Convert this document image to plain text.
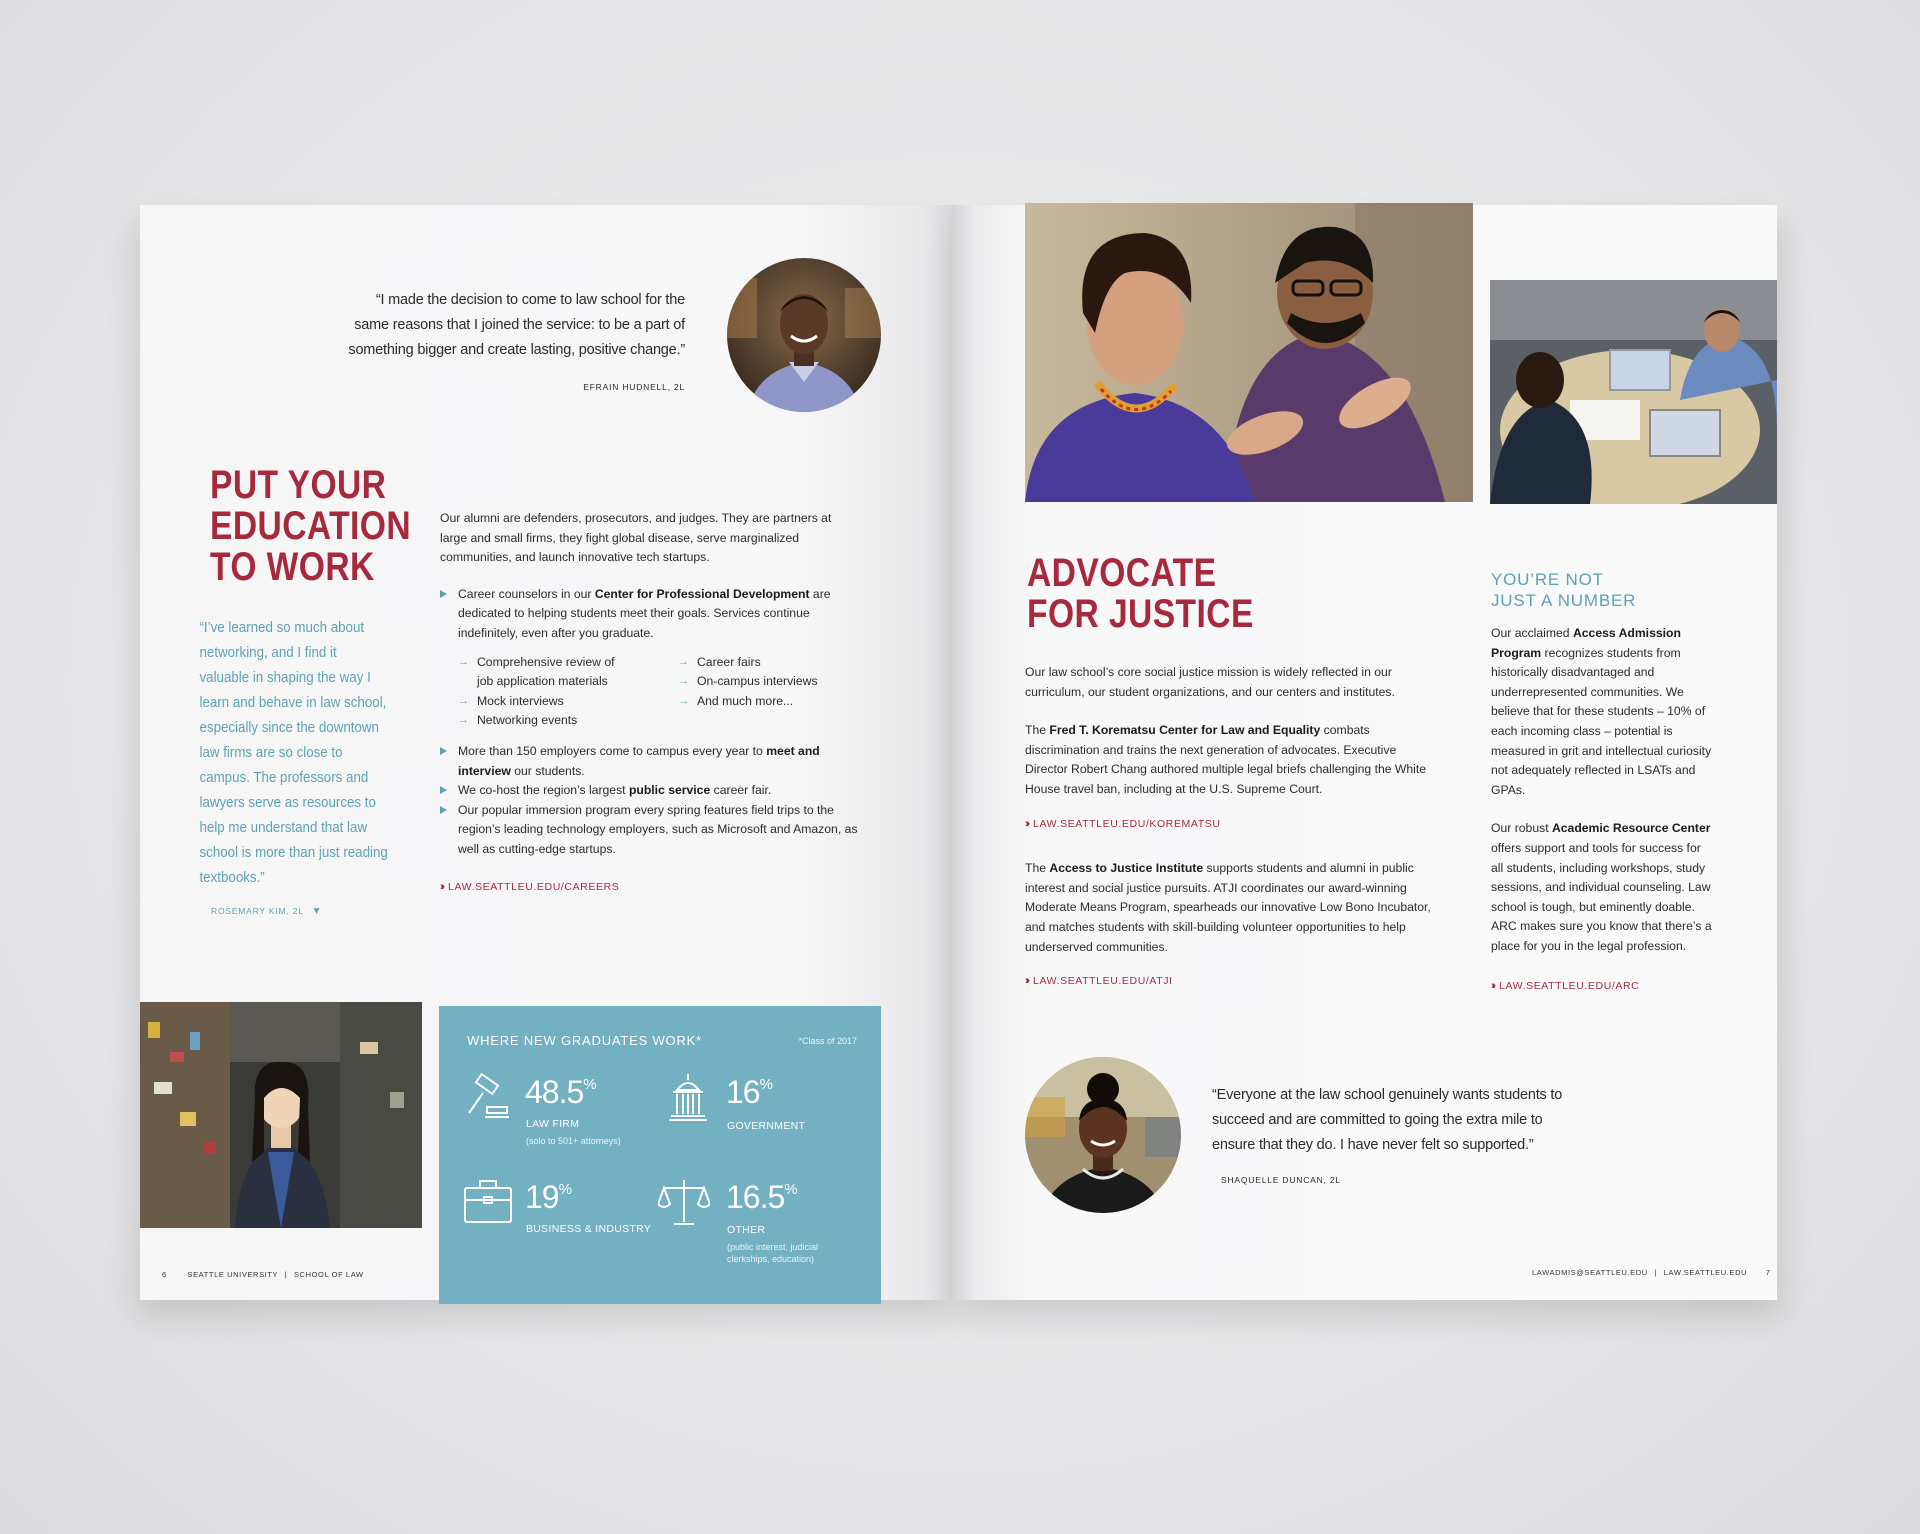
“I made the decision to come to law school for the same reasons that I joined the service: to be a part of something bigger and create lasting, positive change.”
EFRAIN HUDNELL, 2L
PUT YOUR
EDUCATION
TO WORK
“I’ve learned so much about networking, and I find it valuable in shaping the way I learn and behave in law school, especially since the downtown law firms are so close to campus. The professors and lawyers serve as resources to help me understand that law school is more than just reading textbooks.”
ROSEMARY KIM, 2L ▼

Our alumni are defenders, prosecutors, and judges. They are partners at large and small firms, they fight global disease, serve marginalized communities, and launch innovative tech startups.

Career counselors in our Center for Professional Development are dedicated to helping students meet their goals. Services continue indefinitely, even after you graduate.
→ Comprehensive review of job application materials
→ Mock interviews
→ Networking events
→ Career fairs
→ On-campus interviews
→ And much more...
More than 150 employers come to campus every year to meet and interview our students.
We co-host the region’s largest public service career fair.
Our popular immersion program every spring features field trips to the region’s leading technology employers, such as Microsoft and Amazon, as well as cutting-edge startups.
››› LAW.SEATTLEU.EDU/CAREERS
WHERE NEW GRADUATES WORK*	*Class of 2017
48.5%
LAW FIRM
(solo to 501+ attorneys)
16%
GOVERNMENT
19%
BUSINESS & INDUSTRY
16.5%
OTHER
(public interest, judicial clerkships, education)
6	SEATTLE UNIVERSITY | SCHOOL OF LAW
ADVOCATE
FOR JUSTICE

Our law school’s core social justice mission is widely reflected in our curriculum, our student organizations, and our centers and institutes.

The Fred T. Korematsu Center for Law and Equality combats discrimination and trains the next generation of advocates. Executive Director Robert Chang authored multiple legal briefs challenging the White House travel ban, including at the U.S. Supreme Court.

››› LAW.SEATTLEU.EDU/KOREMATSU

The Access to Justice Institute supports students and alumni in public interest and social justice pursuits. ATJI coordinates our award-winning Moderate Means Program, spearheads our innovative Low Bono Incubator, and matches students with skill-building volunteer opportunities to help underserved communities.

››› LAW.SEATTLEU.EDU/ATJI
YOU’RE NOT
JUST A NUMBER

Our acclaimed Access Admission Program recognizes students from historically disadvantaged and underrepresented communities. We believe that for these students – 10% of each incoming class – potential is measured in grit and intellectual curiosity not adequately reflected in LSATs and GPAs.

Our robust Academic Resource Center offers support and tools for success for all students, including workshops, study sessions, and individual counseling. Law school is tough, but eminently doable. ARC makes sure you know that there’s a place for you in the legal profession.

››› LAW.SEATTLEU.EDU/ARC
“Everyone at the law school genuinely wants students to succeed and are committed to going the extra mile to ensure that they do. I have never felt so supported.”
SHAQUELLE DUNCAN, 2L
LAWADMIS@SEATTLEU.EDU | LAW.SEATTLEU.EDU 7
